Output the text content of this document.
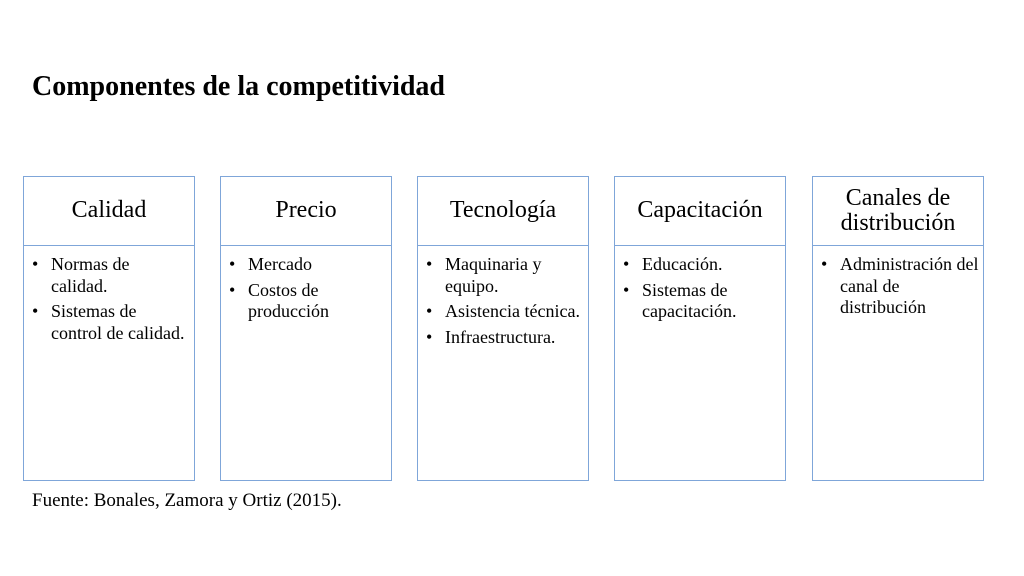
Componentes de la competitividad
Calidad
• Normas de calidad.
• Sistemas de control de calidad.
Precio
• Mercado
• Costos de producción
Tecnología
• Maquinaria y equipo.
• Asistencia técnica.
• Infraestructura.
Capacitación
• Educación.
• Sistemas de capacitación.
Canales de distribución
• Administración del canal de distribución

Fuente: Bonales, Zamora y Ortiz (2015).
